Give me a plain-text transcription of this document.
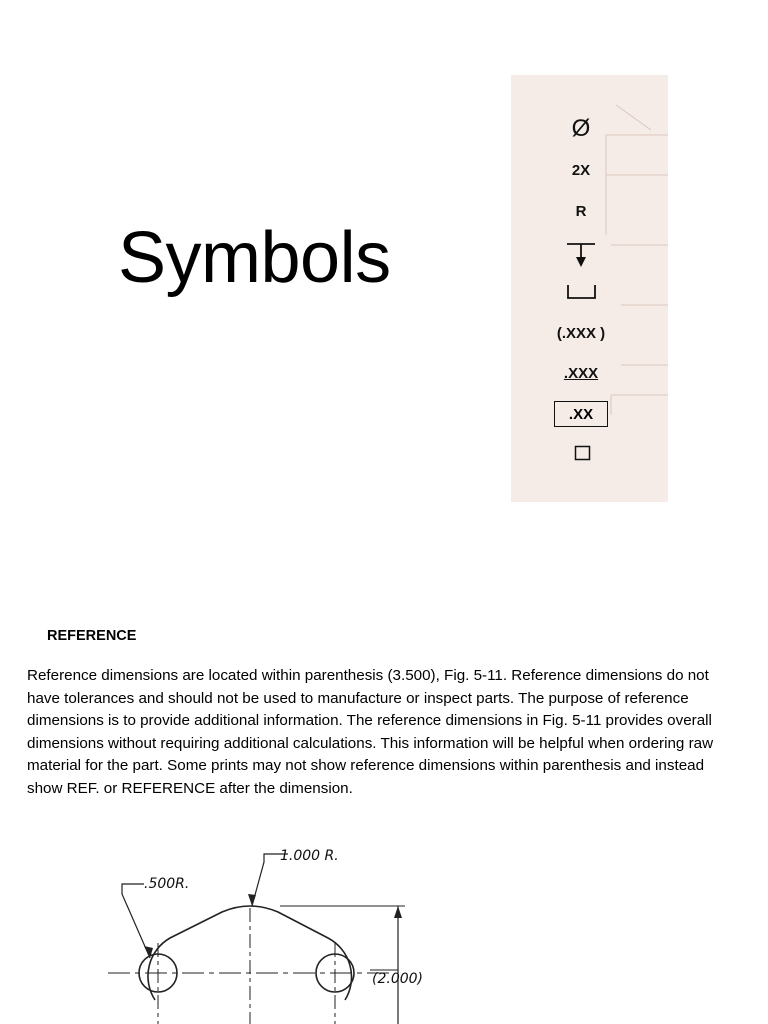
Symbols
Ø
2X
R
(.XXX )
.XXX
.XX
REFERENCE

Reference dimensions are located within parenthesis (3.500), Fig. 5-11. Reference dimensions do not have tolerances and should not be used to manufacture or inspect parts. The purpose of reference dimensions is to provide additional information. The reference dimensions in Fig. 5-11 provides overall dimensions without requiring additional calculations. This information will be helpful when ordering raw material for the part. Some prints may not show reference dimensions within parenthesis and instead show REF. or REFERENCE after the dimension.

.500R.
1.000 R.
(2.000)
